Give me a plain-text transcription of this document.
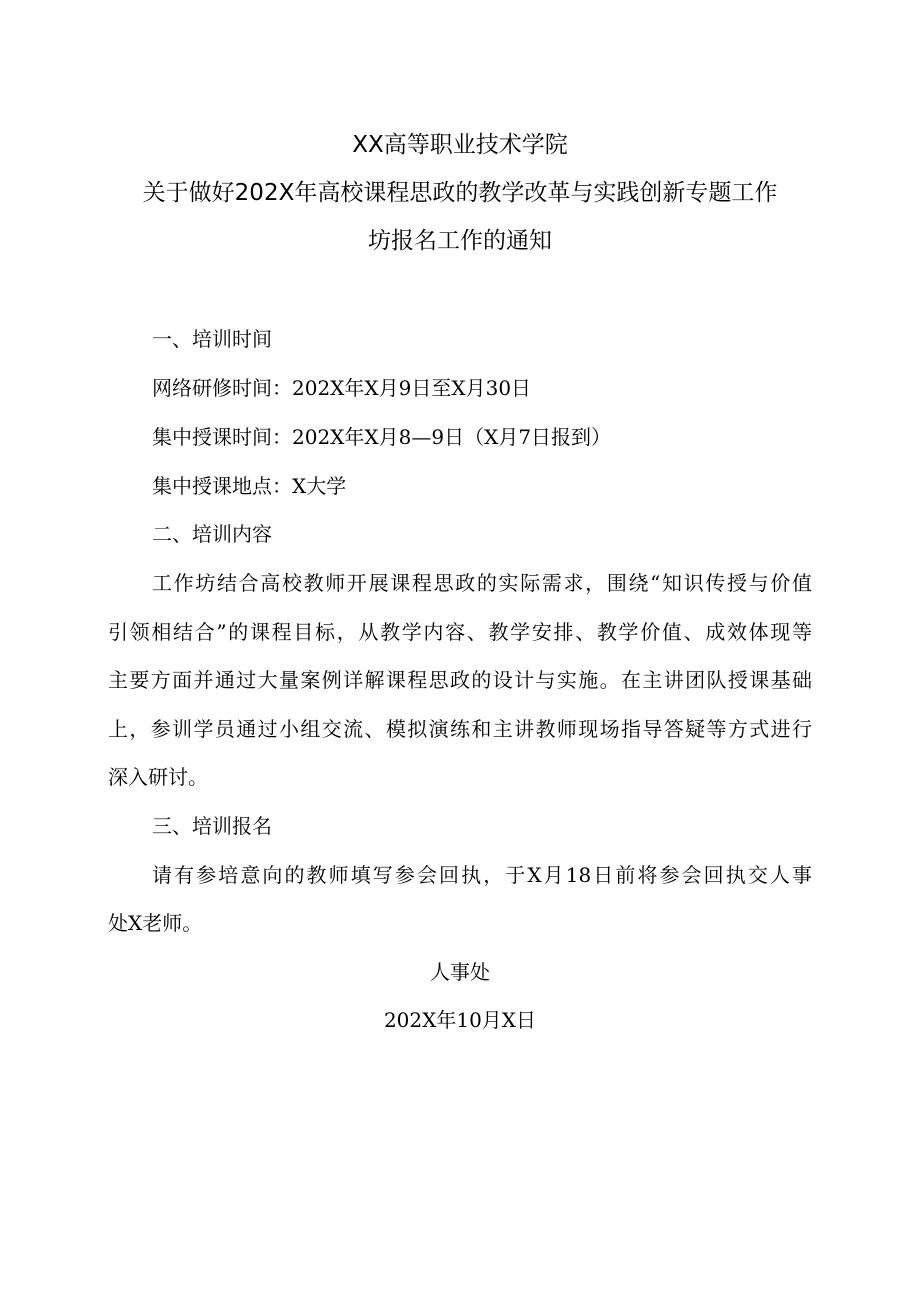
XX高等职业技术学院
关于做好202X年高校课程思政的教学改革与实践创新专题工作
坊报名工作的通知
一、培训时间
网络研修时间：202X年X月9日至X月30日
集中授课时间：202X年X月8—9日（X月7日报到）
集中授课地点：X大学
二、培训内容
工作坊结合高校教师开展课程思政的实际需求，围绕“知识传授与价值
引领相结合”的课程目标，从教学内容、教学安排、教学价值、成效体现等
主要方面并通过大量案例详解课程思政的设计与实施。在主讲团队授课基础
上，参训学员通过小组交流、模拟演练和主讲教师现场指导答疑等方式进行
深入研讨。
三、培训报名
请有参培意向的教师填写参会回执，于X月18日前将参会回执交人事
处X老师。
人事处
202X年10月X日
